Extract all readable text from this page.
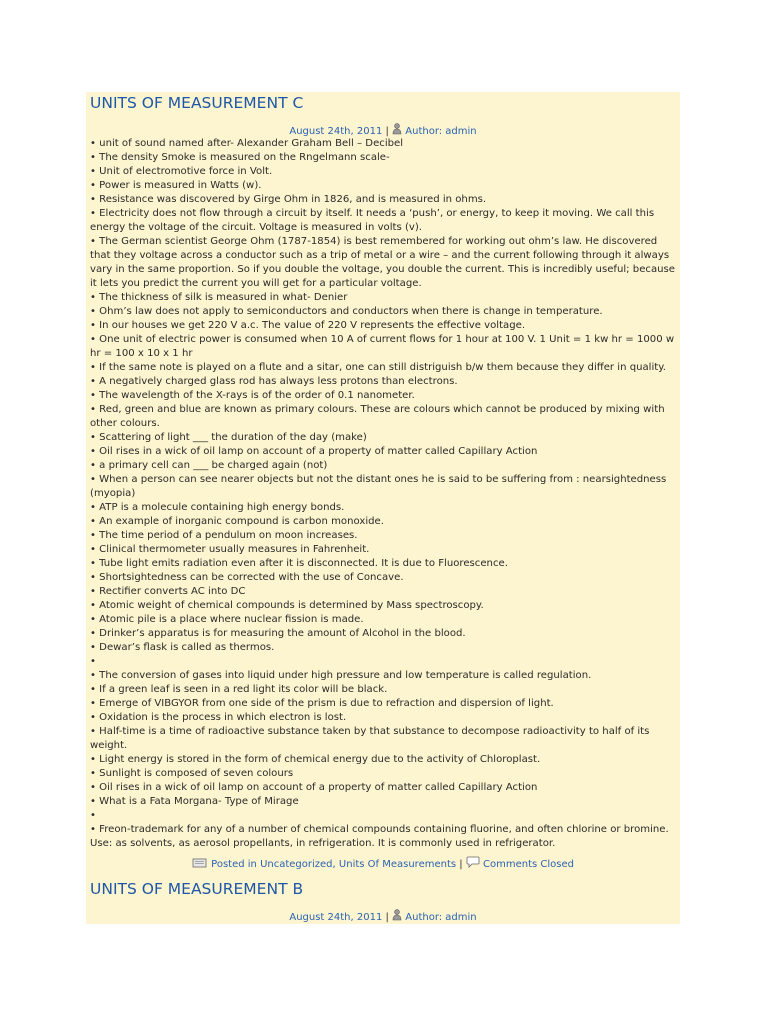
UNITS OF MEASUREMENT C
August 24th, 2011 | Author: admin
• unit of sound named after- Alexander Graham Bell – Decibel
• The density Smoke is measured on the Rngelmann scale-
• Unit of electromotive force in Volt.
• Power is measured in Watts (w).
• Resistance was discovered by Girge Ohm in 1826, and is measured in ohms.
• Electricity does not flow through a circuit by itself. It needs a ‘push’, or energy, to keep it moving. We call this energy the voltage of the circuit. Voltage is measured in volts (v).
• The German scientist George Ohm (1787-1854) is best remembered for working out ohm’s law. He discovered that they voltage across a conductor such as a trip of metal or a wire – and the current following through it always vary in the same proportion. So if you double the voltage, you double the current. This is incredibly useful; because it lets you predict the current you will get for a particular voltage.
• The thickness of silk is measured in what- Denier
• Ohm’s law does not apply to semiconductors and conductors when there is change in temperature.
• In our houses we get 220 V a.c. The value of 220 V represents the effective voltage.
• One unit of electric power is consumed when 10 A of current flows for 1 hour at 100 V. 1 Unit = 1 kw hr = 1000 w hr = 100 x 10 x 1 hr
• If the same note is played on a flute and a sitar, one can still distriguish b/w them because they differ in quality.
• A negatively charged glass rod has always less protons than electrons.
• The wavelength of the X-rays is of the order of 0.1 nanometer.
• Red, green and blue are known as primary colours. These are colours which cannot be produced by mixing with other colours.
• Scattering of light ___ the duration of the day (make)
• Oil rises in a wick of oil lamp on account of a property of matter called Capillary Action
• a primary cell can ___ be charged again (not)
• When a person can see nearer objects but not the distant ones he is said to be suffering from : nearsightedness (myopia)
• ATP is a molecule containing high energy bonds.
• An example of inorganic compound is carbon monoxide.
• The time period of a pendulum on moon increases.
• Clinical thermometer usually measures in Fahrenheit.
• Tube light emits radiation even after it is disconnected. It is due to Fluorescence.
• Shortsightedness can be corrected with the use of Concave.
• Rectifier converts AC into DC
• Atomic weight of chemical compounds is determined by Mass spectroscopy.
• Atomic pile is a place where nuclear fission is made.
• Drinker’s apparatus is for measuring the amount of Alcohol in the blood.
• Dewar’s flask is called as thermos.
•
• The conversion of gases into liquid under high pressure and low temperature is called regulation.
• If a green leaf is seen in a red light its color will be black.
• Emerge of VIBGYOR from one side of the prism is due to refraction and dispersion of light.
• Oxidation is the process in which electron is lost.
• Half-time is a time of radioactive substance taken by that substance to decompose radioactivity to half of its weight.
• Light energy is stored in the form of chemical energy due to the activity of Chloroplast.
• Sunlight is composed of seven colours
• Oil rises in a wick of oil lamp on account of a property of matter called Capillary Action
• What is a Fata Morgana- Type of Mirage
•
• Freon-trademark for any of a number of chemical compounds containing fluorine, and often chlorine or bromine. Use: as solvents, as aerosol propellants, in refrigeration. It is commonly used in refrigerator.
Posted in Uncategorized, Units Of Measurements | Comments Closed
UNITS OF MEASUREMENT B
August 24th, 2011 | Author: admin
